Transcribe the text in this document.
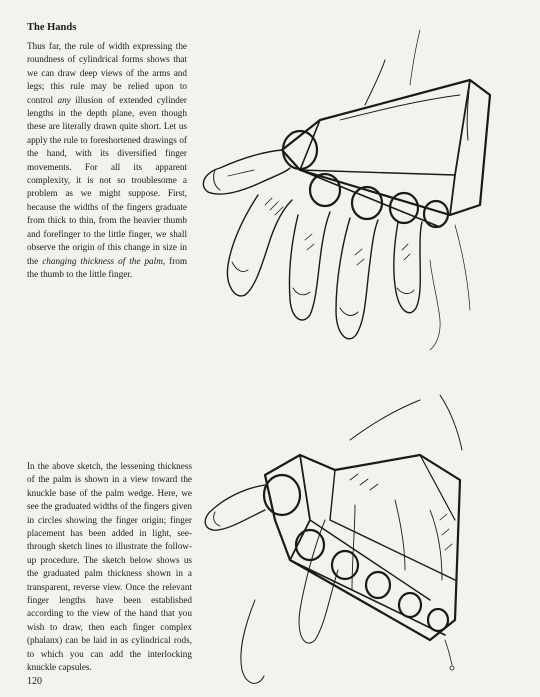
The Hands
Thus far, the rule of width expressing the roundness of cylindrical forms shows that we can draw deep views of the arms and legs; this rule may be relied upon to control any illusion of extended cylinder lengths in the depth plane, even though these are literally drawn quite short. Let us apply the rule to foreshortened drawings of the hand, with its diversified finger movements. For all its apparent complexity, it is not so troublesome a problem as we might suppose. First, because the widths of the fingers graduate from thick to thin, from the heavier thumb and forefinger to the little finger, we shall observe the origin of this change in size in the changing thickness of the palm, from the thumb to the little finger.
In the above sketch, the lessening thickness of the palm is shown in a view toward the knuckle base of the palm wedge. Here, we see the graduated widths of the fingers given in circles showing the finger origin; finger placement has been added in light, see-through sketch lines to illustrate the follow-up procedure. The sketch below shows us the graduated palm thickness shown in a transparent, reverse view. Once the relevant finger lengths have been established according to the view of the hand that you wish to draw, then each finger complex (phalanx) can be laid in as cylindrical rods, to which you can add the interlocking knuckle capsules.
120
